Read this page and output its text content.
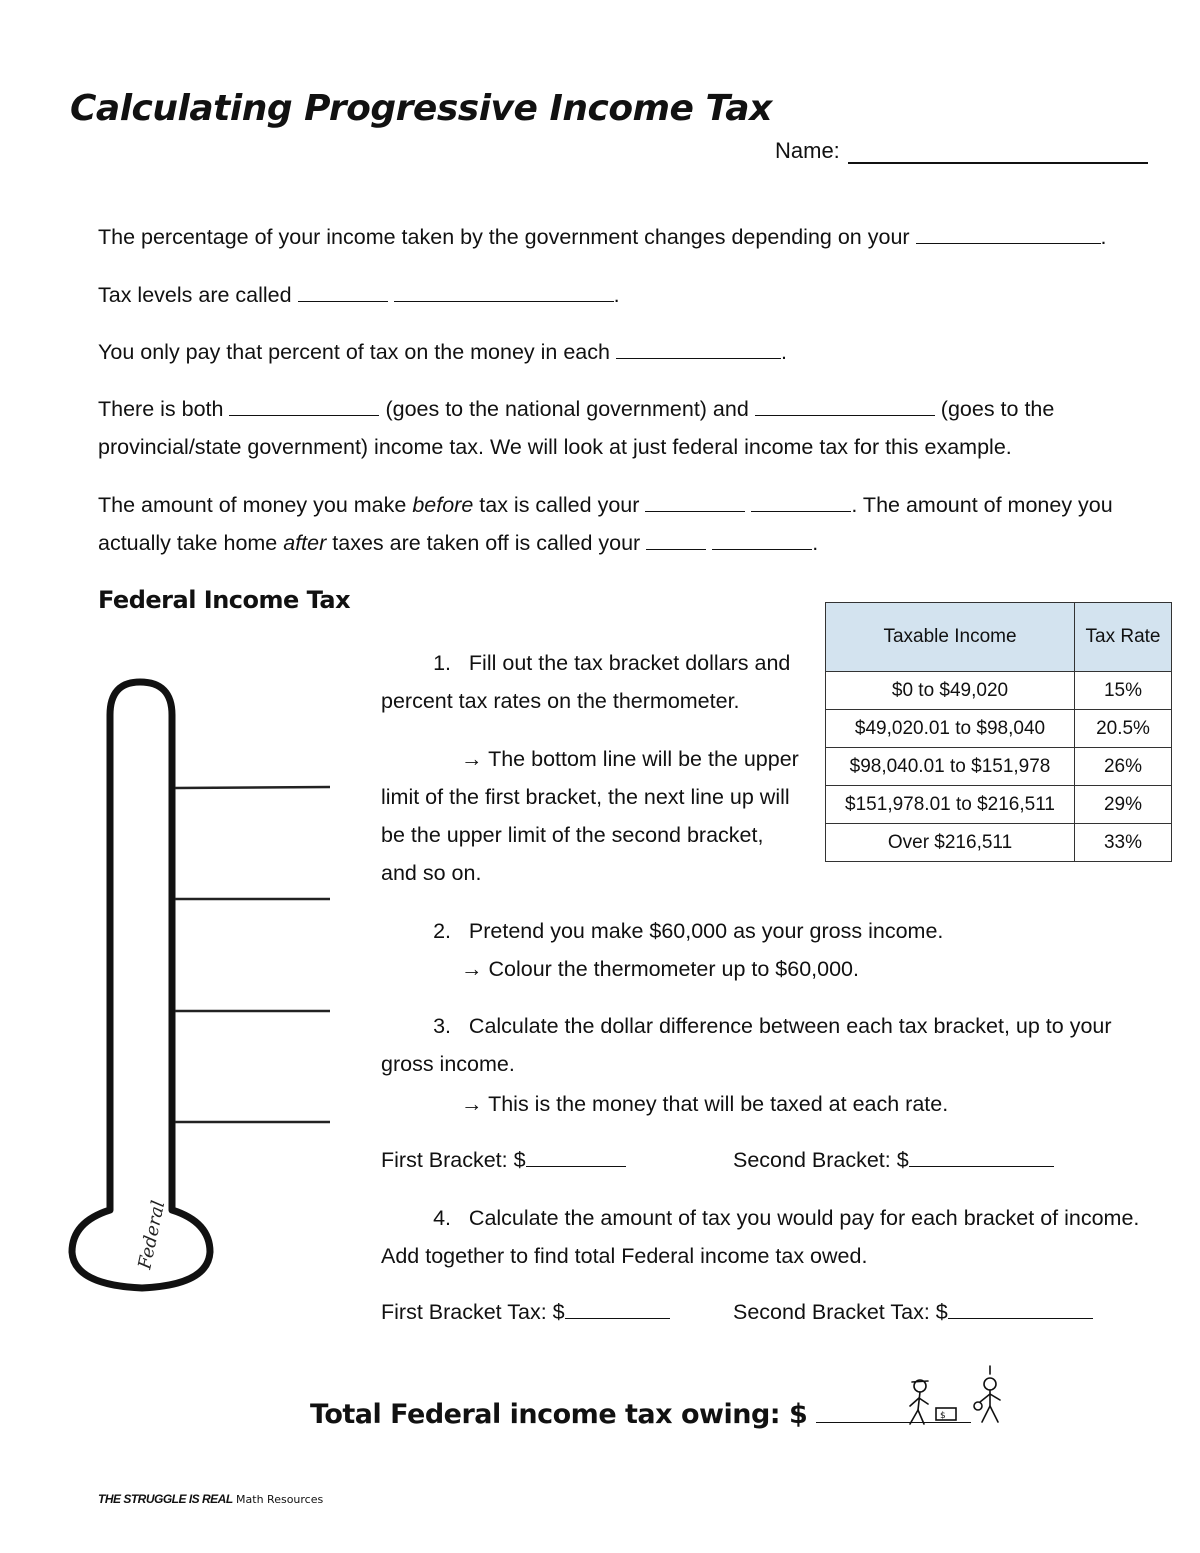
Calculating Progressive Income Tax
Name:
The percentage of your income taken by the government changes depending on your	.
Tax levels are called	.
You only pay that percent of tax on the money in each	.
There is both	(goes to the national government) and	(goes to the provincial/state government) income tax. We will look at just federal income tax for this example.
The amount of money you make before tax is called your	. The amount of money you actually take home after taxes are taken off is called your	.
Federal Income Tax
Taxable Income	Tax Rate
$0 to $49,020	15%
$49,020.01 to $98,040	20.5%
$98,040.01 to $151,978	26%
$151,978.01 to $216,511	29%
Over $216,511	33%
Federal
1. Fill out the tax bracket dollars and percent tax rates on the thermometer.
→ The bottom line will be the upper limit of the first bracket, the next line up will be the upper limit of the second bracket, and so on.
2. Pretend you make $60,000 as your gross income.
→ Colour the thermometer up to $60,000.
3. Calculate the dollar difference between each tax bracket, up to your gross income.
→ This is the money that will be taxed at each rate.
First Bracket: $	Second Bracket: $
4. Calculate the amount of tax you would pay for each bracket of income. Add together to find total Federal income tax owed.
First Bracket Tax: $	Second Bracket Tax: $
Total Federal income tax owing: $	$
THE STRUGGLE IS REAL Math Resources
